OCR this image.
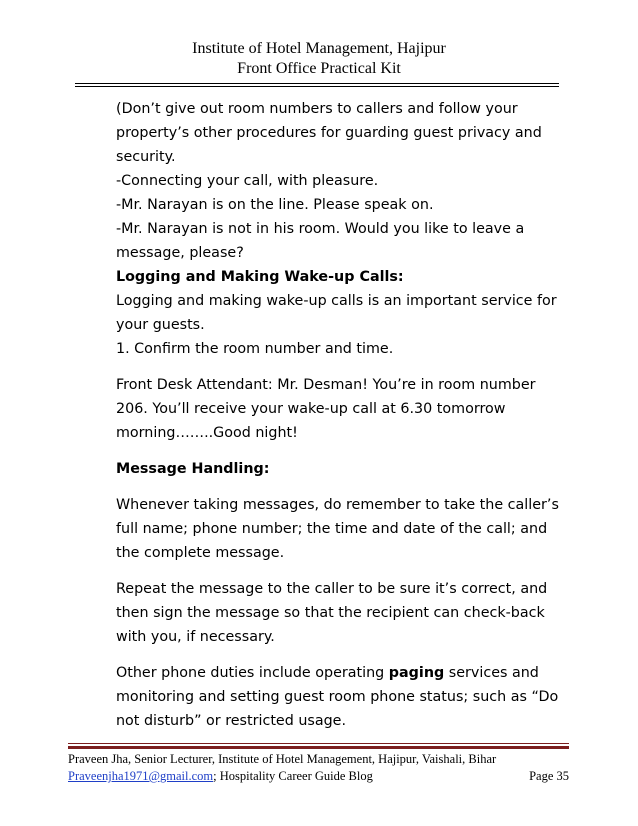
Institute of Hotel Management, Hajipur
Front Office Practical Kit

(Don’t give out room numbers to callers and follow your property’s other procedures for guarding guest privacy and security.

-Connecting your call, with pleasure.

-Mr. Narayan is on the line. Please speak on.

-Mr. Narayan is not in his room. Would you like to leave a message, please?

Logging and Making Wake-up Calls:

Logging and making wake-up calls is an important service for your guests.

1. Confirm the room number and time.

Front Desk Attendant: Mr. Desman! You’re in room number 206. You’ll receive your wake-up call at 6.30 tomorrow morning……..Good night!

Message Handling:

Whenever taking messages, do remember to take the caller’s full name; phone number; the time and date of the call; and the complete message.

Repeat the message to the caller to be sure it’s correct, and then sign the message so that the recipient can check-back with you, if necessary.

Other phone duties include operating paging services and monitoring and setting guest room phone status; such as “Do not disturb” or restricted usage.

Praveen Jha, Senior Lecturer, Institute of Hotel Management, Hajipur, Vaishali, Bihar
Praveenjha1971@gmail.com; Hospitality Career Guide Blog	Page 35
